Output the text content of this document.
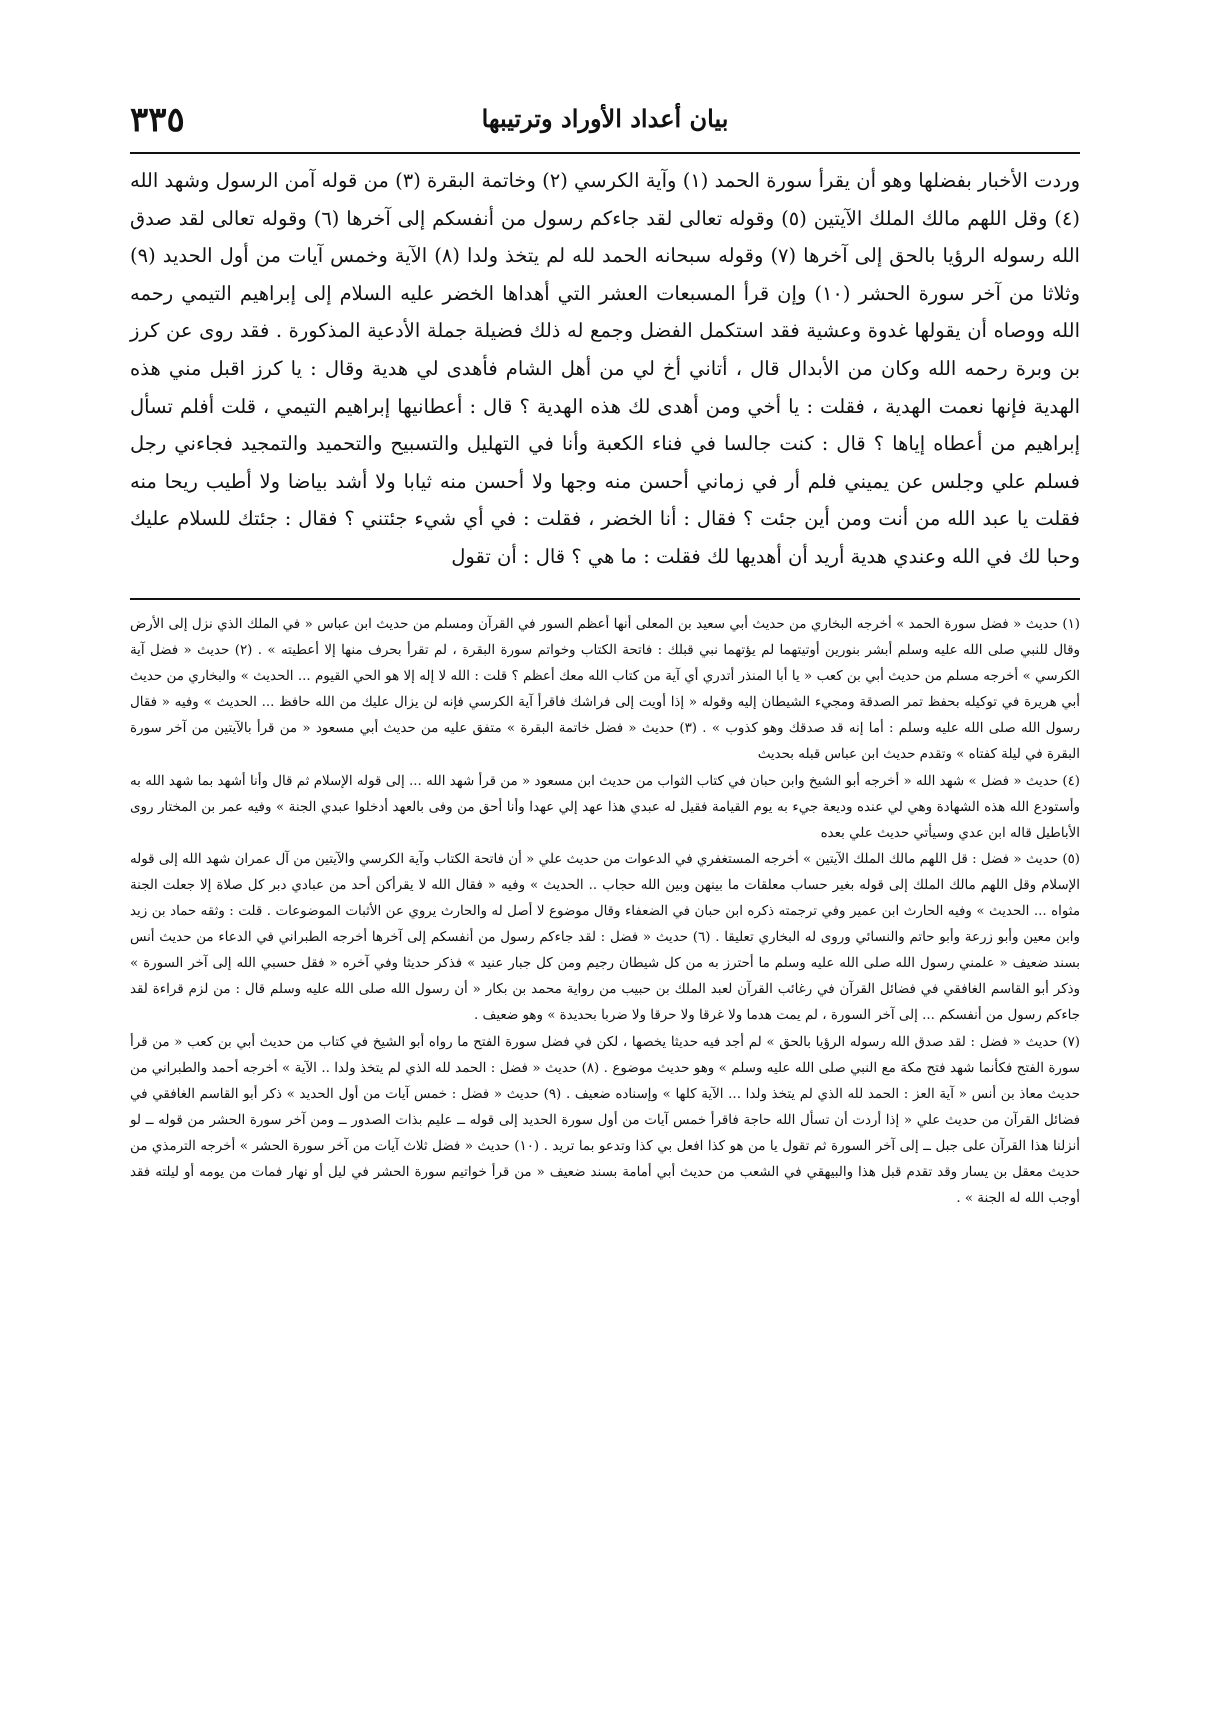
٣٣٥	بيان أعداد الأوراد وترتيبها

وردت الأخبار بفضلها وهو أن يقرأ سورة الحمد (١) وآية الكرسي (٢) وخاتمة البقرة (٣) من قوله آمن الرسول وشهد الله (٤) وقل اللهم مالك الملك الآيتين (٥) وقوله تعالى لقد جاءكم رسول من أنفسكم إلى آخرها (٦) وقوله تعالى لقد صدق الله رسوله الرؤيا بالحق إلى آخرها (٧) وقوله سبحانه الحمد لله لم يتخذ ولدا (٨) الآية وخمس آيات من أول الحديد (٩) وثلاثا من آخر سورة الحشر (١٠) وإن قرأ المسبعات العشر التي أهداها الخضر عليه السلام إلى إبراهيم التيمي رحمه الله ووصاه أن يقولها غدوة وعشية فقد استكمل الفضل وجمع له ذلك فضيلة جملة الأدعية المذكورة . فقد روى عن كرز بن وبرة رحمه الله وكان من الأبدال قال ، أتاني أخ لي من أهل الشام فأهدى لي هدية وقال : يا كرز اقبل مني هذه الهدية فإنها نعمت الهدية ، فقلت : يا أخي ومن أهدى لك هذه الهدية ؟ قال : أعطانيها إبراهيم التيمي ، قلت أفلم تسأل إبراهيم من أعطاه إياها ؟ قال : كنت جالسا في فناء الكعبة وأنا في التهليل والتسبيح والتحميد والتمجيد فجاءني رجل فسلم علي وجلس عن يميني فلم أر في زماني أحسن منه وجها ولا أحسن منه ثيابا ولا أشد بياضا ولا أطيب ريحا منه فقلت يا عبد الله من أنت ومن أين جئت ؟ فقال : أنا الخضر ، فقلت : في أي شيء جئتني ؟ فقال : جئتك للسلام عليك وحبا لك في الله وعندي هدية أريد أن أهديها لك فقلت : ما هي ؟ قال : أن تقول

(١) حديث « فضل سورة الحمد » أخرجه البخاري من حديث أبي سعيد بن المعلى أنها أعظم السور في القرآن ومسلم من حديث ابن عباس « في الملك الذي نزل إلى الأرض وقال للنبي صلى الله عليه وسلم أبشر بنورين أوتيتهما لم يؤتهما نبي قبلك : فاتحة الكتاب وخواتم سورة البقرة ، لم تقرأ بحرف منها إلا أعطيته » . (٢) حديث « فضل آية الكرسي » أخرجه مسلم من حديث أبي بن كعب « يا أبا المنذر أتدري أي آية من كتاب الله معك أعظم ؟ قلت : الله لا إله إلا هو الحي القيوم ... الحديث » والبخاري من حديث أبي هريرة في توكيله بحفظ تمر الصدقة ومجيء الشيطان إليه وقوله « إذا أويت إلى فراشك فاقرأ آية الكرسي فإنه لن يزال عليك من الله حافظ ... الحديث » وفيه « فقال رسول الله صلى الله عليه وسلم : أما إنه قد صدقك وهو كذوب » . (٣) حديث « فضل خاتمة البقرة » متفق عليه من حديث أبي مسعود « من قرأ بالآيتين من آخر سورة البقرة في ليلة كفتاه » وتقدم حديث ابن عباس قبله بحديث

(٤) حديث « فضل » شهد الله « أخرجه أبو الشيخ وابن حبان في كتاب الثواب من حديث ابن مسعود « من قرأ شهد الله ... إلى قوله الإسلام ثم قال وأنا أشهد بما شهد الله به وأستودع الله هذه الشهادة وهي لي عنده وديعة جيء به يوم القيامة فقيل له عبدي هذا عهد إلي عهدا وأنا أحق من وفى بالعهد أدخلوا عبدي الجنة » وفيه عمر بن المختار روى الأباطيل قاله ابن عدي وسيأتي حديث علي بعده

(٥) حديث « فضل : قل اللهم مالك الملك الآيتين » أخرجه المستغفري في الدعوات من حديث علي « أن فاتحة الكتاب وآية الكرسي والآيتين من آل عمران شهد الله إلى قوله الإسلام وقل اللهم مالك الملك إلى قوله بغير حساب معلقات ما بينهن وبين الله حجاب .. الحديث » وفيه « فقال الله لا يقرأكن أحد من عبادي دبر كل صلاة إلا جعلت الجنة مثواه ... الحديث » وفيه الحارث ابن عمير وفي ترجمته ذكره ابن حبان في الضعفاء وقال موضوع لا أصل له والحارث يروي عن الأثبات الموضوعات . قلت : وثقه حماد بن زيد وابن معين وأبو زرعة وأبو حاتم والنسائي وروى له البخاري تعليقا . (٦) حديث « فضل : لقد جاءكم رسول من أنفسكم إلى آخرها أخرجه الطبراني في الدعاء من حديث أنس بسند ضعيف « علمني رسول الله صلى الله عليه وسلم ما أحترز به من كل شيطان رجيم ومن كل جبار عنيد » فذكر حديثا وفي آخره « فقل حسبي الله إلى آخر السورة » وذكر أبو القاسم الغافقي في فضائل القرآن في رغائب القرآن لعبد الملك بن حبيب من رواية محمد بن بكار « أن رسول الله صلى الله عليه وسلم قال : من لزم قراءة لقد جاءكم رسول من أنفسكم ... إلى آخر السورة ، لم يمت هدما ولا غرقا ولا حرقا ولا ضربا بحديدة » وهو ضعيف .

(٧) حديث « فضل : لقد صدق الله رسوله الرؤيا بالحق » لم أجد فيه حديثا يخصها ، لكن في فضل سورة الفتح ما رواه أبو الشيخ في كتاب من حديث أبي بن كعب « من قرأ سورة الفتح فكأنما شهد فتح مكة مع النبي صلى الله عليه وسلم » وهو حديث موضوع . (٨) حديث « فضل : الحمد لله الذي لم يتخذ ولدا .. الآية » أخرجه أحمد والطبراني من حديث معاذ بن أنس « آية العز : الحمد لله الذي لم يتخذ ولدا ... الآية كلها » وإسناده ضعيف . (٩) حديث « فضل : خمس آيات من أول الحديد » ذكر أبو القاسم الغافقي في فضائل القرآن من حديث علي « إذا أردت أن تسأل الله حاجة فاقرأ خمس آيات من أول سورة الحديد إلى قوله ــ عليم بذات الصدور ــ ومن آخر سورة الحشر من قوله ــ لو أنزلنا هذا القرآن على جبل ــ إلى آخر السورة ثم تقول يا من هو كذا افعل بي كذا وتدعو بما تريد . (١٠) حديث « فضل ثلاث آيات من آخر سورة الحشر » أخرجه الترمذي من حديث معقل بن يسار وقد تقدم قبل هذا والبيهقي في الشعب من حديث أبي أمامة بسند ضعيف « من قرأ خواتيم سورة الحشر في ليل أو نهار فمات من يومه أو ليلته فقد أوجب الله له الجنة » .
